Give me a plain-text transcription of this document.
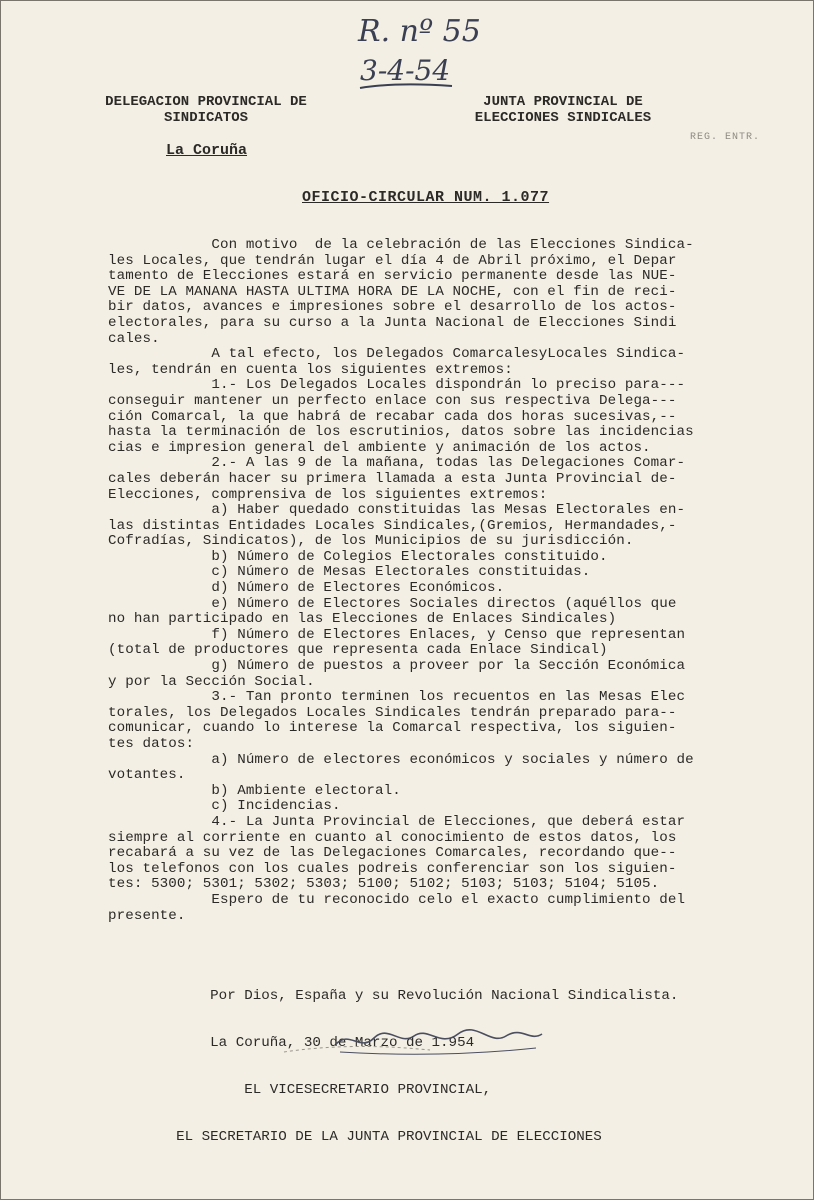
R. nº 55
3-4-54
DELEGACION PROVINCIAL DE
SINDICATOS
JUNTA PROVINCIAL DE
ELECCIONES SINDICALES
La Coruña
REG. ENTR.
OFICIO-CIRCULAR NUM. 1.077
Con motivo  de la celebración de las Elecciones Sindica-
les Locales, que tendrán lugar el día 4 de Abril próximo, el Depar
tamento de Elecciones estará en servicio permanente desde las NUE-
VE DE LA MAÑANA HASTA ULTIMA HORA DE LA NOCHE, con el fin de reci-
bir datos, avances e impresiones sobre el desarrollo de los actos-
electorales, para su curso a la Junta Nacional de Elecciones Sindi
cales.
A tal efecto, los Delegados ComarcalesyLocales Sindica-
les, tendrán en cuenta los siguientes extremos:
1.- Los Delegados Locales dispondrán lo preciso para---
conseguir mantener un perfecto enlace con sus respectiva Delega---
ción Comarcal, la que habrá de recabar cada dos horas sucesivas,--
hasta la terminación de los escrutinios, datos sobre las incidencias
cias e impresion general del ambiente y animación de los actos.
2.- A las 9 de la mañana, todas las Delegaciones Comar-
cales deberán hacer su primera llamada a esta Junta Provincial de-
Elecciones, comprensiva de los siguientes extremos:
a) Haber quedado constituidas las Mesas Electorales en-
las distintas Entidades Locales Sindicales,(Gremios, Hermandades,-
Cofradías, Sindicatos), de los Municipios de su jurisdicción.
b) Número de Colegios Electorales constituido.
c) Número de Mesas Electorales constituidas.
d) Número de Electores Económicos.
e) Número de Electores Sociales directos (aquéllos que
no han participado en las Elecciones de Enlaces Sindicales)
f) Número de Electores Enlaces, y Censo que representan
(total de productores que representa cada Enlace Sindical)
g) Número de puestos a proveer por la Sección Económica
y por la Sección Social.
3.- Tan pronto terminen los recuentos en las Mesas Elec
torales, los Delegados Locales Sindicales tendrán preparado para--
comunicar, cuando lo interese la Comarcal respectiva, los siguien-
tes datos:
a) Número de electores económicos y sociales y número de
votantes.
b) Ambiente electoral.
c) Incidencias.
4.- La Junta Provincial de Elecciones, que deberá estar
siempre al corriente en cuanto al conocimiento de estos datos, los
recabará a su vez de las Delegaciones Comarcales, recordando que--
los telefonos con los cuales podreis conferenciar son los siguien-
tes: 5300; 5301; 5302; 5303; 5100; 5102; 5103; 5103; 5104; 5105.
Espero de tu reconocido celo el exacto cumplimiento del
presente.

Por Dios, España y su Revolución Nacional Sindicalista.

La Coruña, 30 de Marzo de 1.954

EL VICESECRETARIO PROVINCIAL,

EL SECRETARIO DE LA JUNTA PROVINCIAL DE ELECCIONES
